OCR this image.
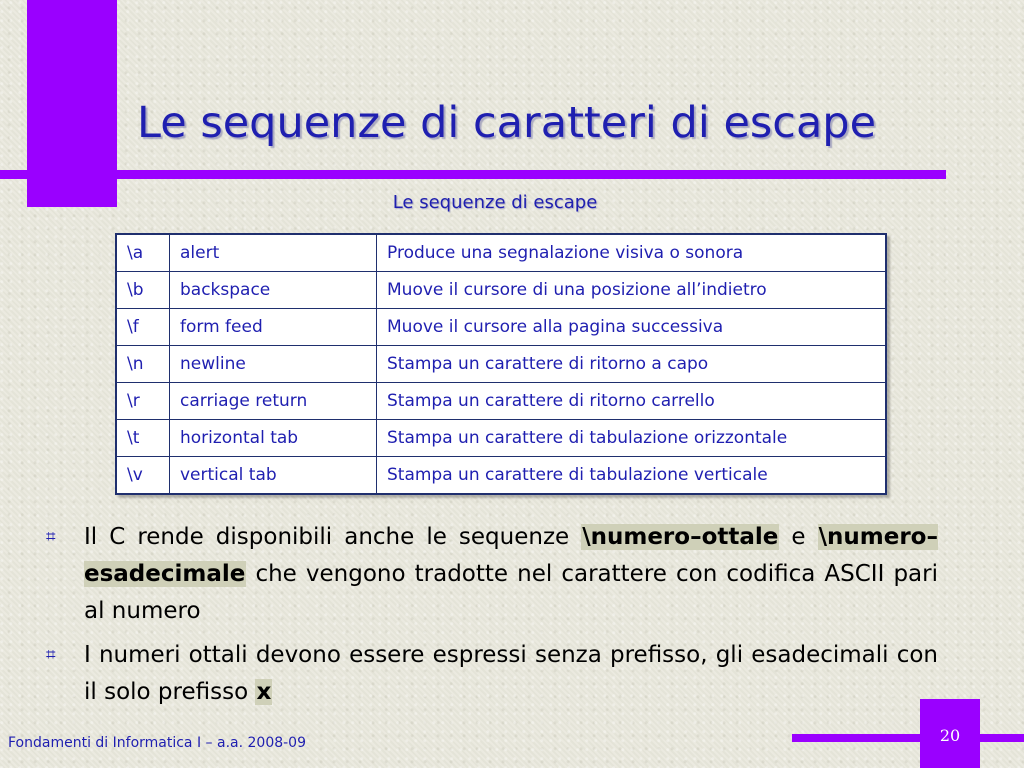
Le sequenze di caratteri di escape
Le sequenze di escape
\a	alert	Produce una segnalazione visiva o sonora
\b	backspace	Muove il cursore di una posizione all’indietro
\f	form feed	Muove il cursore alla pagina successiva
\n	newline	Stampa un carattere di ritorno a capo
\r	carriage return	Stampa un carattere di ritorno carrello
\t	horizontal tab	Stampa un carattere di tabulazione orizzontale
\v	vertical tab	Stampa un carattere di tabulazione verticale
⌗ Il C rende disponibili anche le sequenze \numero–ottale e \numero–esadecimale che vengono tradotte nel carattere con codifica ASCII pari al numero
⌗ I numeri ottali devono essere espressi senza prefisso, gli esadecimali con il solo prefisso x
Fondamenti di Informatica I – a.a. 2008-09	20
